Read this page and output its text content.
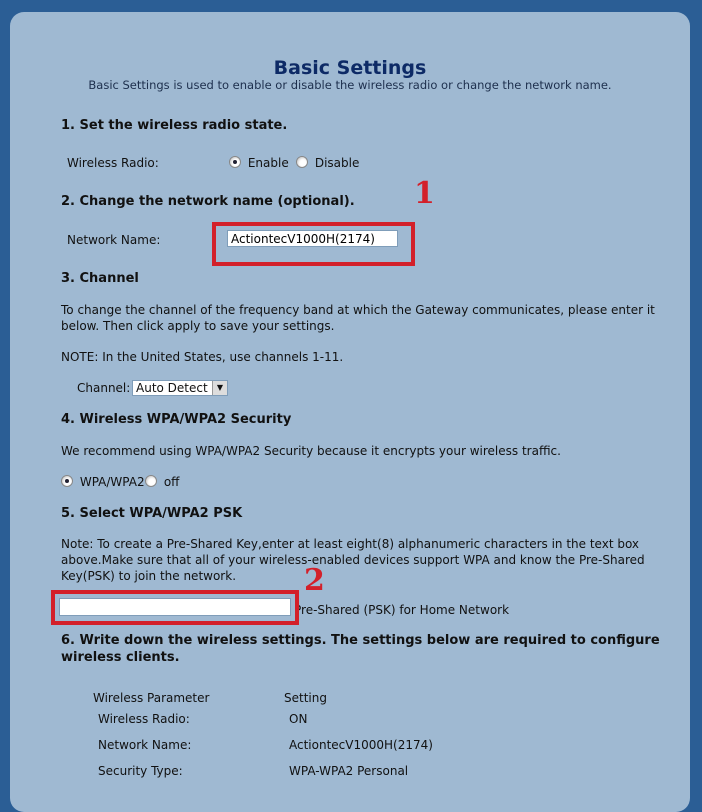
Basic Settings
Basic Settings is used to enable or disable the wireless radio or change the network name.
1. Set the wireless radio state.
Wireless Radio:	Enable	Disable
2. Change the network name (optional). 1
Network Name:
ActiontecV1000H(2174)
3. Channel
To change the channel of the frequency band at which the Gateway communicates, please enter it
below. Then click apply to save your settings.
NOTE: In the United States, use channels 1-11.
Channel: Auto Detect	▼
4. Wireless WPA/WPA2 Security
We recommend using WPA/WPA2 Security because it encrypts your wireless traffic.
WPA/WPA2	off
5. Select WPA/WPA2 PSK
Note: To create a Pre-Shared Key,enter at least eight(8) alphanumeric characters in the text box
above.Make sure that all of your wireless-enabled devices support WPA and know the Pre-Shared
Key(PSK) to join the network. 2
Pre-Shared (PSK) for Home Network
6. Write down the wireless settings. The settings below are required to configure
wireless clients.
Wireless Parameter	Setting
Wireless Radio:	ON
Network Name:	ActiontecV1000H(2174)
Security Type:	WPA-WPA2 Personal
